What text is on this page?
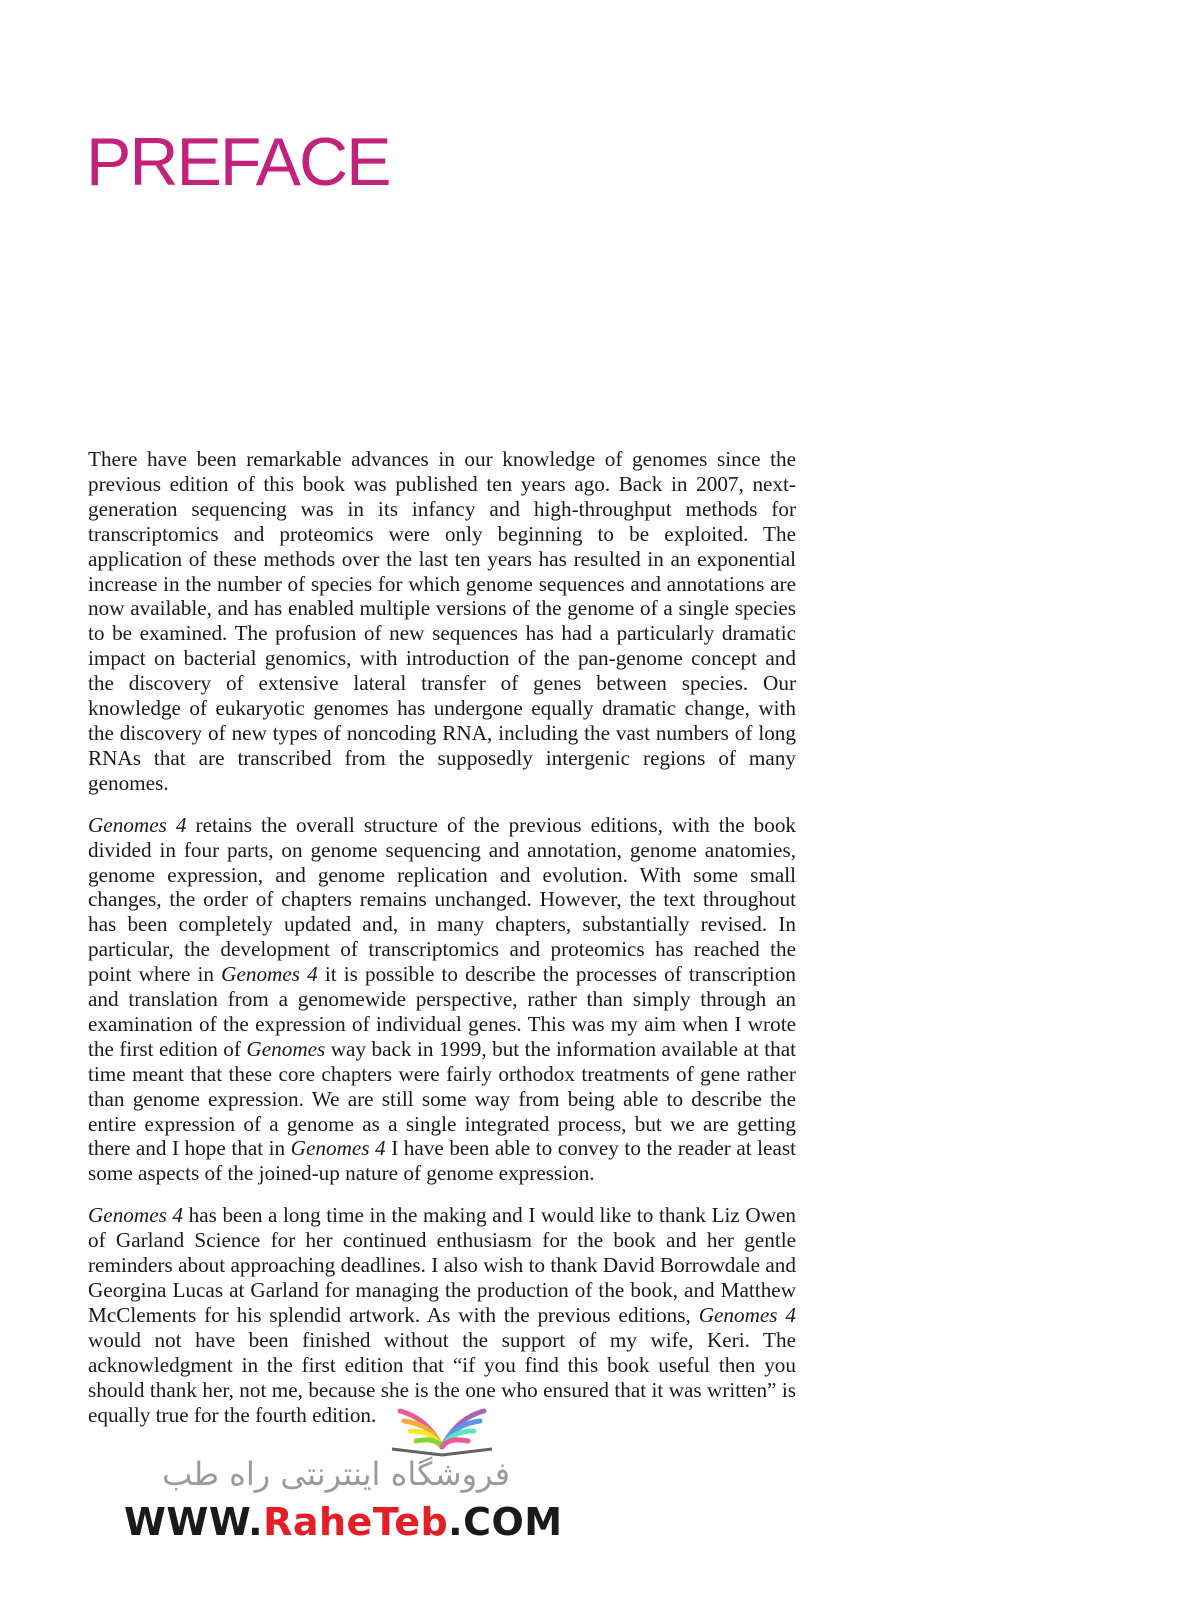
PREFACE

There have been remarkable advances in our knowledge of genomes since the previous edition of this book was published ten years ago. Back in 2007, next-generation sequencing was in its infancy and high-throughput methods for transcriptomics and proteomics were only beginning to be exploited. The application of these methods over the last ten years has resulted in an exponential increase in the number of species for which genome sequences and annotations are now available, and has enabled multiple versions of the genome of a single species to be examined. The profusion of new sequences has had a particularly dramatic impact on bacterial genomics, with introduction of the pan-genome concept and the discovery of extensive lateral transfer of genes between species. Our knowledge of eukaryotic genomes has undergone equally dramatic change, with the discovery of new types of noncoding RNA, including the vast numbers of long RNAs that are transcribed from the supposedly intergenic regions of many genomes.

Genomes 4 retains the overall structure of the previous editions, with the book divided in four parts, on genome sequencing and annotation, genome anatomies, genome expression, and genome replication and evolution. With some small changes, the order of chapters remains unchanged. However, the text throughout has been completely updated and, in many chapters, substantially revised. In particular, the development of transcriptomics and proteomics has reached the point where in Genomes 4 it is possible to describe the processes of transcription and translation from a genomewide perspective, rather than simply through an examination of the expression of individual genes. This was my aim when I wrote the first edition of Genomes way back in 1999, but the information available at that time meant that these core chapters were fairly orthodox treatments of gene rather than genome expression. We are still some way from being able to describe the entire expression of a genome as a single integrated process, but we are getting there and I hope that in Genomes 4 I have been able to convey to the reader at least some aspects of the joined-up nature of genome expression.

Genomes 4 has been a long time in the making and I would like to thank Liz Owen of Garland Science for her continued enthusiasm for the book and her gentle reminders about approaching deadlines. I also wish to thank David Borrowdale and Georgina Lucas at Garland for managing the production of the book, and Matthew McClements for his splendid artwork. As with the previous editions, Genomes 4 would not have been finished without the support of my wife, Keri. The acknowledgment in the first edition that “if you find this book useful then you should thank her, not me, because she is the one who ensured that it was written” is equally true for the fourth edition.

فروشگاه اینترنتی راه طب
WWW.RaheTeb.COM
